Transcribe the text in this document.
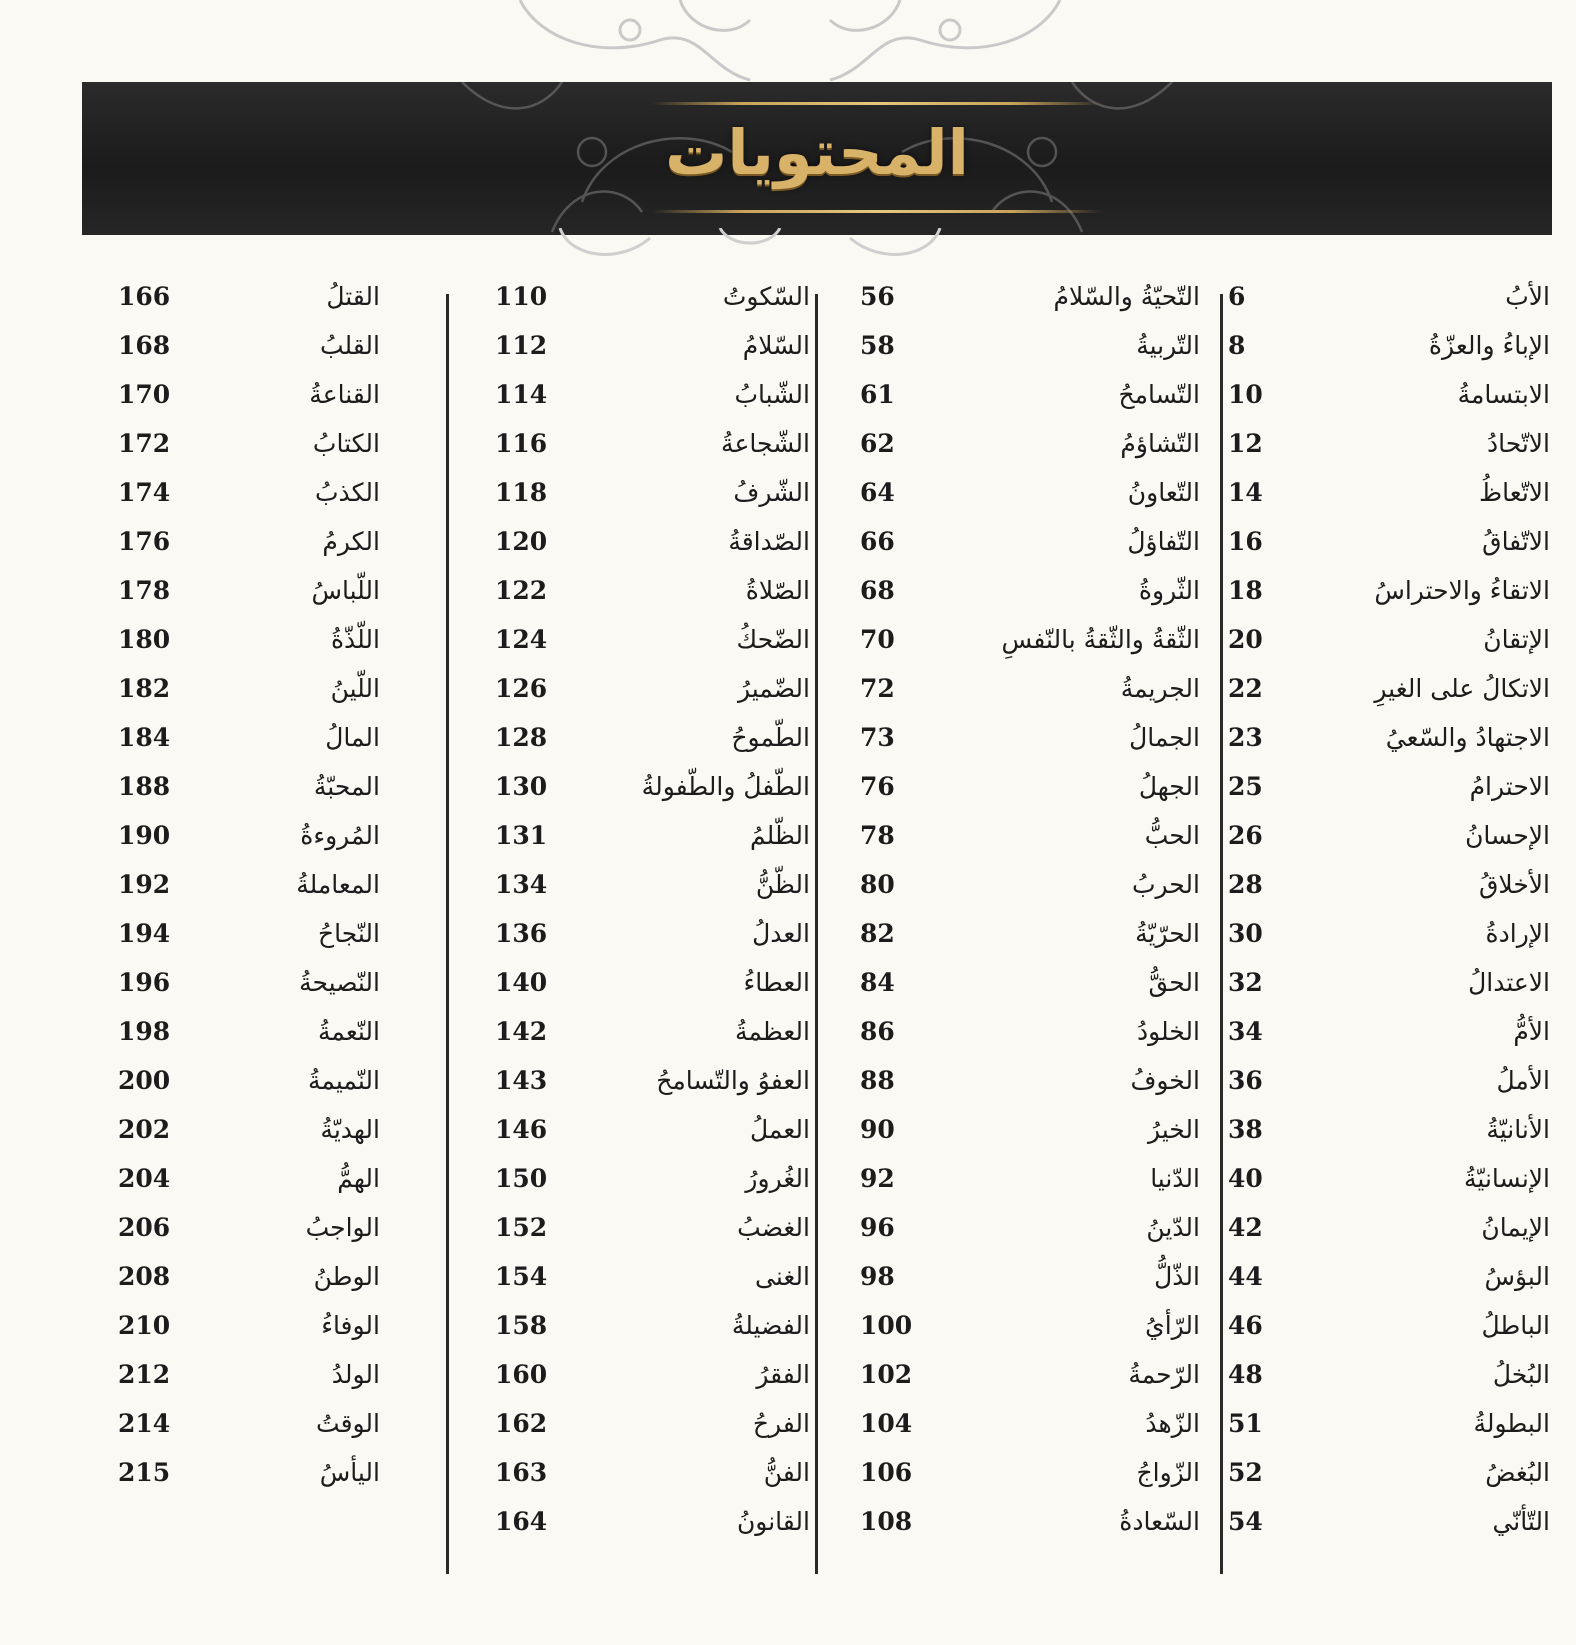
المحتويات
الأبُ
6
الإباءُ والعزّةُ
8
الابتسامةُ
10
الاتّحادُ
12
الاتّعاظُ
14
الاتّفاقُ
16
الاتقاءُ والاحتراسُ
18
الإتقانُ
20
الاتكالُ على الغيرِ
22
الاجتهادُ والسّعيُ
23
الاحترامُ
25
الإحسانُ
26
الأخلاقُ
28
الإرادةُ
30
الاعتدالُ
32
الأمُّ
34
الأملُ
36
الأنانيّةُ
38
الإنسانيّةُ
40
الإيمانُ
42
البؤسُ
44
الباطلُ
46
البُخلُ
48
البطولةُ
51
البُغضُ
52
التّأنّي
54
التّحيّةُ والسّلامُ
56
التّربيةُ
58
التّسامحُ
61
التّشاؤمُ
62
التّعاونُ
64
التّفاؤلُ
66
الثّروةُ
68
الثّقةُ والثّقةُ بالنّفسِ
70
الجريمةُ
72
الجمالُ
73
الجهلُ
76
الحبُّ
78
الحربُ
80
الحرّيّةُ
82
الحقُّ
84
الخلودُ
86
الخوفُ
88
الخيرُ
90
الدّنيا
92
الدّينُ
96
الذّلُّ
98
الرّأيُ
100
الرّحمةُ
102
الزّهدُ
104
الزّواجُ
106
السّعادةُ
108
السّكوتُ
110
السّلامُ
112
الشّبابُ
114
الشّجاعةُ
116
الشّرفُ
118
الصّداقةُ
120
الصّلاةُ
122
الضّحكُ
124
الضّميرُ
126
الطّموحُ
128
الطّفلُ والطّفولةُ
130
الظّلمُ
131
الظّنُّ
134
العدلُ
136
العطاءُ
140
العظمةُ
142
العفوُ والتّسامحُ
143
العملُ
146
الغُرورُ
150
الغضبُ
152
الغنى
154
الفضيلةُ
158
الفقرُ
160
الفرحُ
162
الفنُّ
163
القانونُ
164
القتلُ
166
القلبُ
168
القناعةُ
170
الكتابُ
172
الكذبُ
174
الكرمُ
176
اللّباسُ
178
اللّذّةُ
180
اللّينُ
182
المالُ
184
المحبّةُ
188
المُروءةُ
190
المعاملةُ
192
النّجاحُ
194
النّصيحةُ
196
النّعمةُ
198
النّميمةُ
200
الهديّةُ
202
الهمُّ
204
الواجبُ
206
الوطنُ
208
الوفاءُ
210
الولدُ
212
الوقتُ
214
اليأسُ
215
